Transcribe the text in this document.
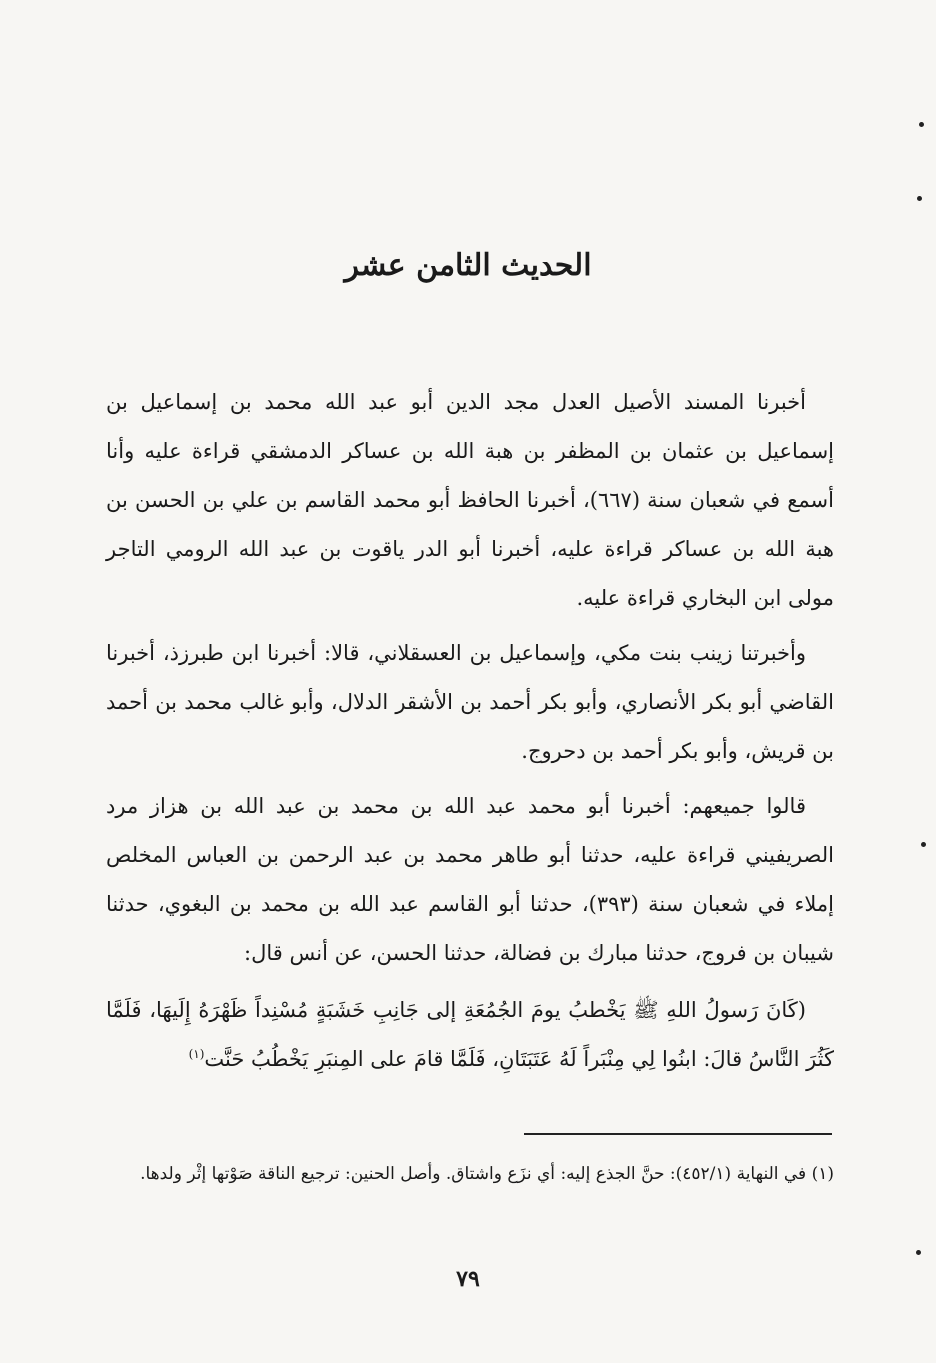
الحديث الثامن عشر

أخبرنا المسند الأصيل العدل مجد الدين أبو عبد الله محمد بن إسماعيل بن إسماعيل بن عثمان بن المظفر بن هبة الله بن عساكر الدمشقي قراءة عليه وأنا أسمع في شعبان سنة (٦٦٧)، أخبرنا الحافظ أبو محمد القاسم بن علي بن الحسن بن هبة الله بن عساكر قراءة عليه، أخبرنا أبو الدر ياقوت بن عبد الله الرومي التاجر مولى ابن البخاري قراءة عليه.

وأخبرتنا زينب بنت مكي، وإسماعيل بن العسقلاني، قالا: أخبرنا ابن طبرزذ، أخبرنا القاضي أبو بكر الأنصاري، وأبو بكر أحمد بن الأشقر الدلال، وأبو غالب محمد بن أحمد بن قريش، وأبو بكر أحمد بن دحروج.

قالوا جميعهم: أخبرنا أبو محمد عبد الله بن محمد بن عبد الله بن هزاز مرد الصريفيني قراءة عليه، حدثنا أبو طاهر محمد بن عبد الرحمن بن العباس المخلص إملاء في شعبان سنة (٣٩٣)، حدثنا أبو القاسم عبد الله بن محمد بن البغوي، حدثنا شيبان بن فروج، حدثنا مبارك بن فضالة، حدثنا الحسن، عن أنس قال:

(كَانَ رَسولُ اللهِ ﷺ يَخْطبُ يومَ الجُمُعَةِ إلى جَانِبِ خَشَبَةٍ مُسْنِداً ظَهْرَهُ إِلَيهَا، فَلَمَّا كَثُرَ النَّاسُ قالَ: ابنُوا لِي مِنْبَراً لَهُ عَتَبَتَانِ، فَلَمَّا قامَ على المِنبَرِ يَخْطُبُ حَنَّت$^{(١)}$

(١) في النهاية (٤٥٢/١): حنَّ الجذع إليه: أي نزَع واشتاق. وأصل الحنين: ترجيع الناقة صَوْتها إثْر ولدها.
٧٩
